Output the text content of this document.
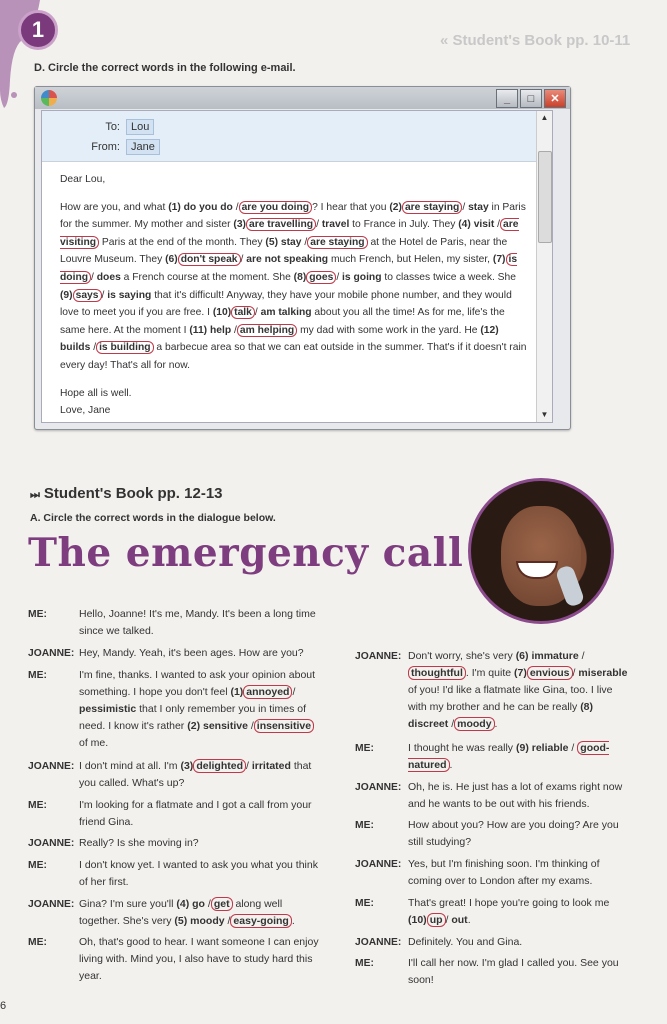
1	« Student's Book pp. 10-11
D. Circle the correct words in the following e-mail.
_ □ ✕
To:	Lou
From:	Jane

Dear Lou,

How are you, and what (1) do you do / are you doing ? I hear that you (2) are staying / stay in Paris for the summer. My mother and sister (3) are travelling / travel to France in July. They (4) visit / are visiting Paris at the end of the month. They (5) stay / are staying at the Hotel de Paris, near the Louvre Museum. They (6) don't speak / are not speaking much French, but Helen, my sister, (7) is doing / does a French course at the moment. She (8) goes / is going to classes twice a week. She (9) says / is saying that it's difficult! Anyway, they have your mobile phone number, and they would love to meet you if you are free. I (10) talk / am talking about you all the time! As for me, life's the same here. At the moment I (11) help / am helping my dad with some work in the yard. He (12) builds / is building a barbecue area so that we can eat outside in the summer. That's if it doesn't rain every day! That's all for now.

Hope all is well.

Love, Jane

▲
▼
⏭ Student's Book pp. 12-13
A. Circle the correct words in the dialogue below.
The emergency call
ME:	Hello, Joanne! It's me, Mandy. It's been a long time since we talked.
JOANNE: Hey, Mandy. Yeah, it's been ages. How are you?
ME:	I'm fine, thanks. I wanted to ask your opinion about something. I hope you don't feel (1) annoyed / pessimistic that I only remember you in times of need. I know it's rather (2) sensitive / insensitive of me.
JOANNE: I don't mind at all. I'm (3) delighted / irritated that you called. What's up?
ME:	I'm looking for a flatmate and I got a call from your friend Gina.
JOANNE: Really? Is she moving in?
ME:	I don't know yet. I wanted to ask you what you think of her first.
JOANNE: Gina? I'm sure you'll (4) go / get along well together. She's very (5) moody / easy-going .
ME:	Oh, that's good to hear. I want someone I can enjoy living with. Mind you, I also have to study hard this year.
JOANNE: Don't worry, she's very (6) immature / thoughtful . I'm quite (7) envious / miserable of you! I'd like a flatmate like Gina, too. I live with my brother and he can be really (8) discreet / moody .
ME:	I thought he was really (9) reliable / good-natured .
JOANNE: Oh, he is. He just has a lot of exams right now and he wants to be out with his friends.
ME:	How about you? How are you doing? Are you still studying?
JOANNE: Yes, but I'm finishing soon. I'm thinking of coming over to London after my exams.
ME:	That's great! I hope you're going to look me (10) up / out.
JOANNE: Definitely. You and Gina.
ME:	I'll call her now. I'm glad I called you. See you soon!
6
